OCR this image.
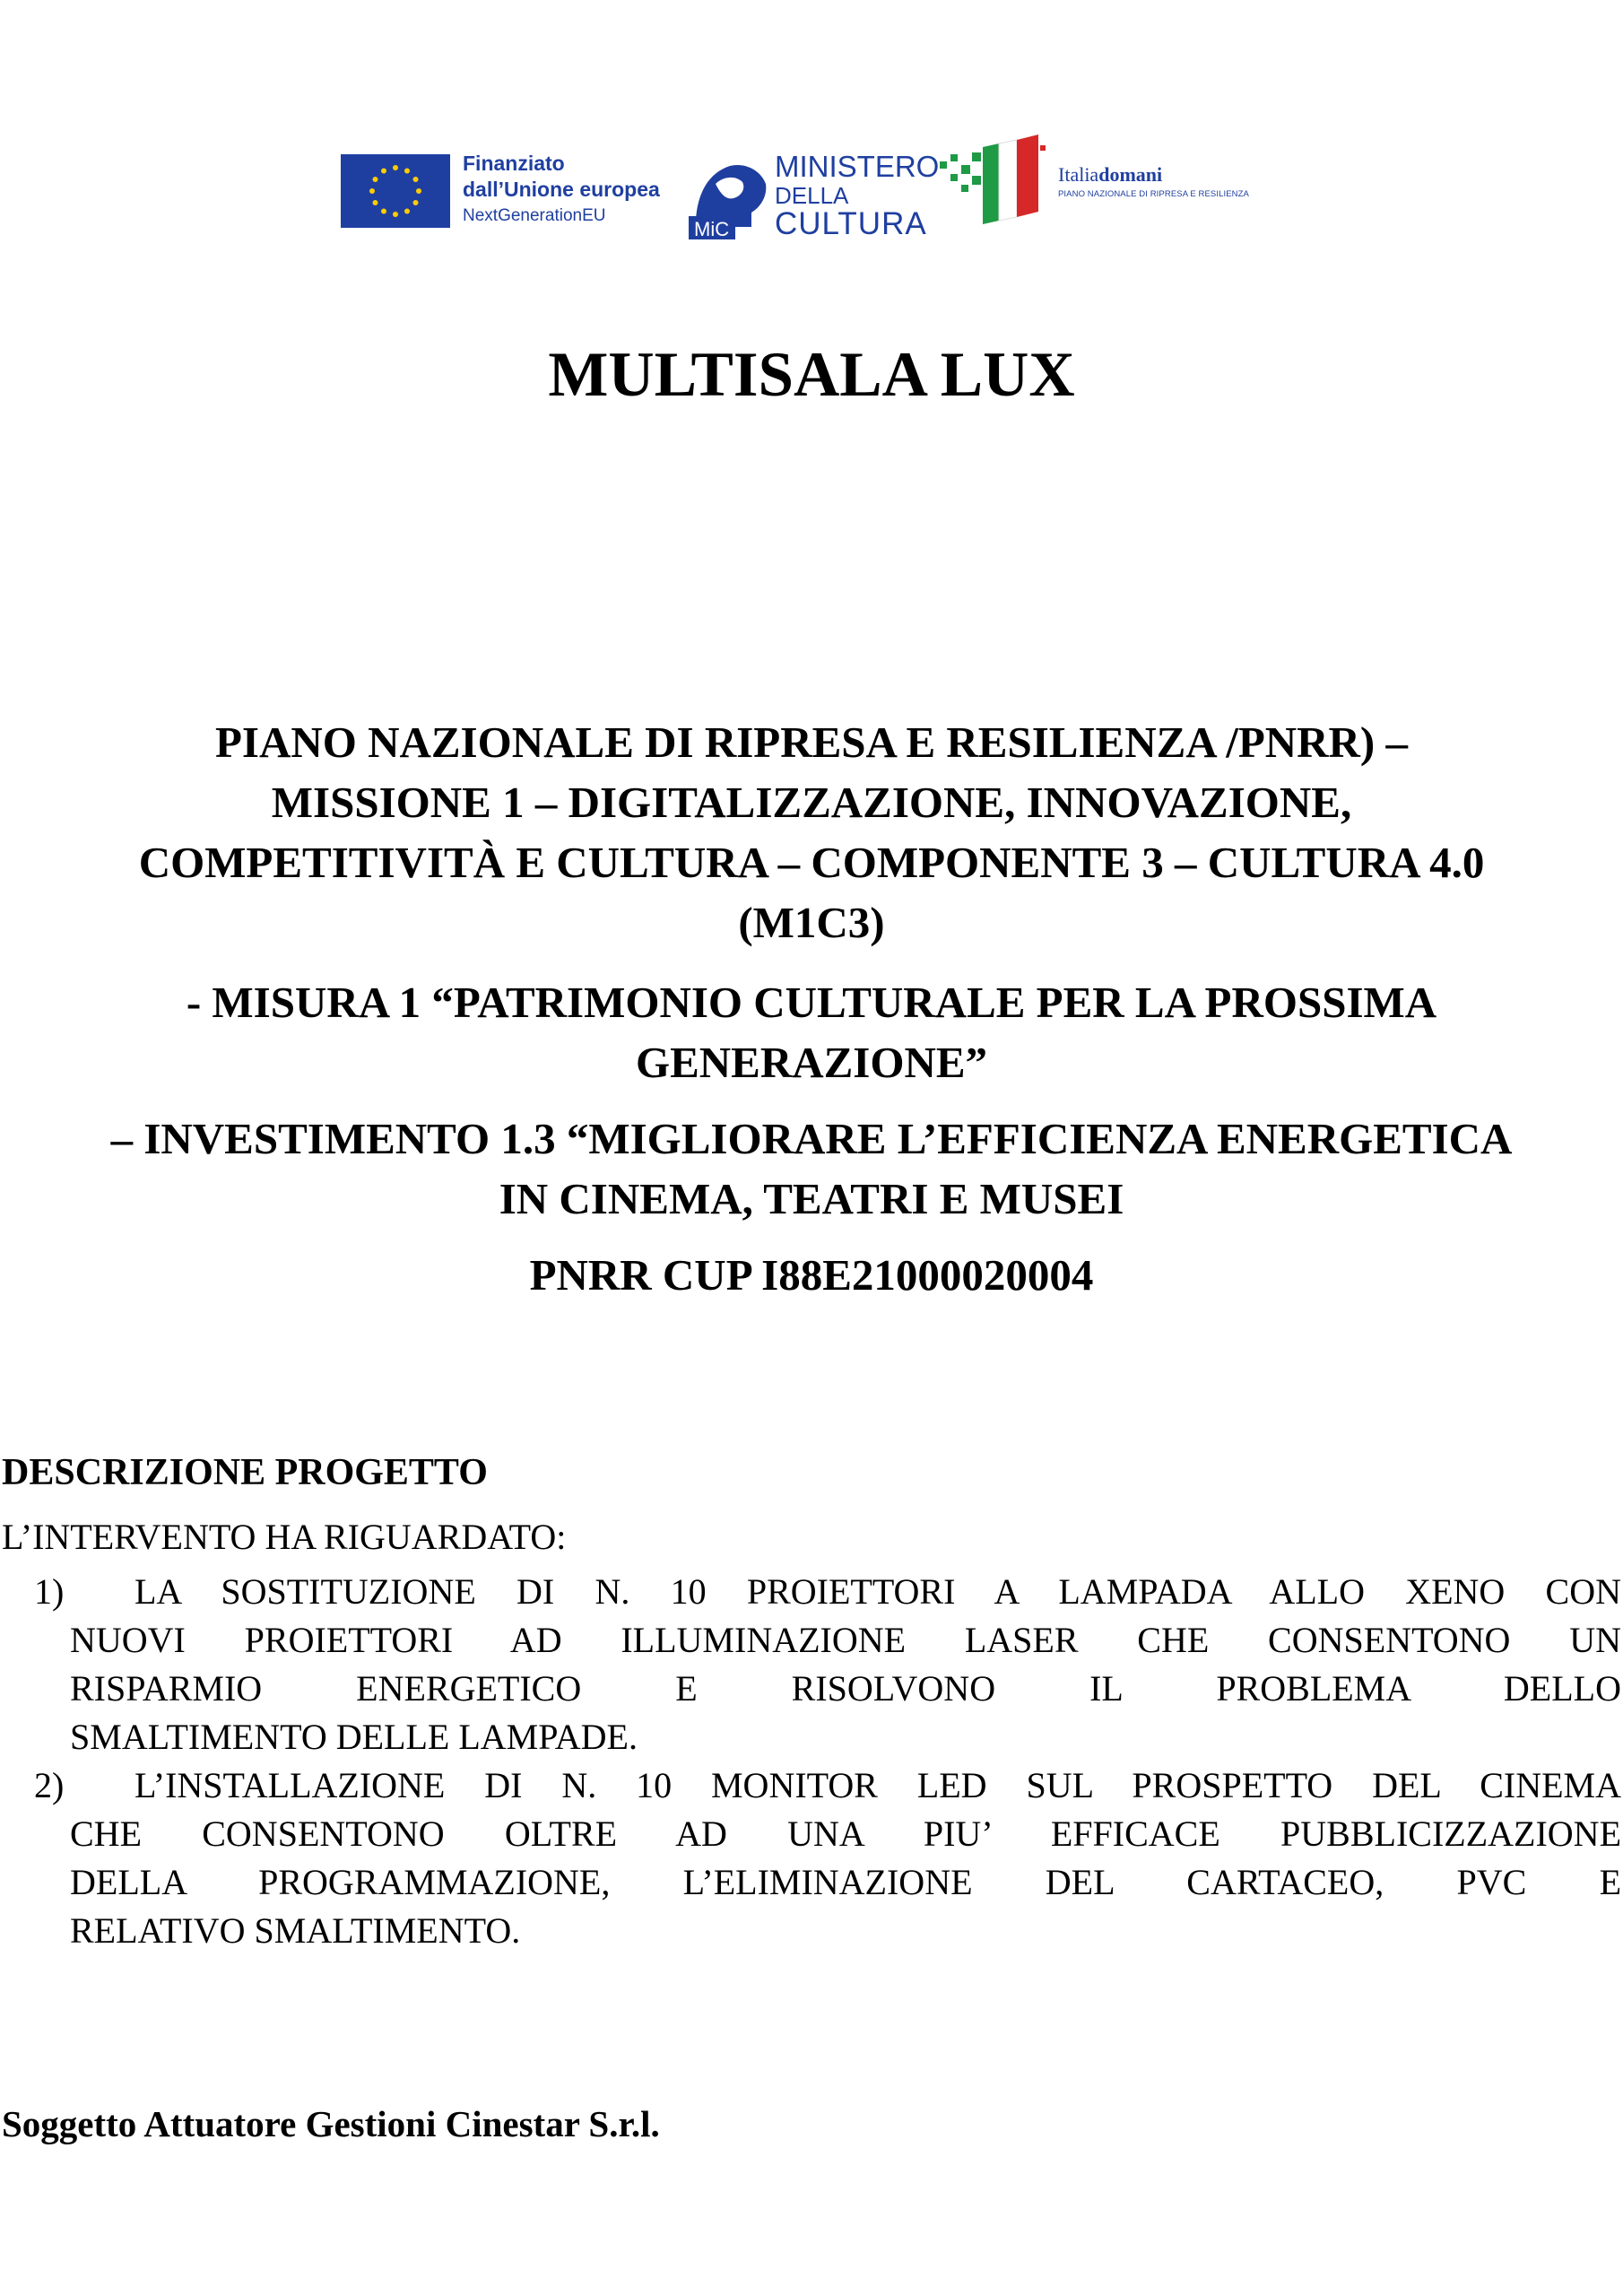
Finanziato
dall’Unione europea
NextGenerationEU
MiC
MINISTERO
DELLA
CULTURA
Italiadomani
PIANO NAZIONALE DI RIPRESA E RESILIENZA
MULTISALA LUX
PIANO NAZIONALE DI RIPRESA E RESILIENZA /PNRR) –
MISSIONE 1 – DIGITALIZZAZIONE, INNOVAZIONE,
COMPETITIVITÀ E CULTURA – COMPONENTE 3 – CULTURA 4.0
(M1C3)
- MISURA 1 “PATRIMONIO CULTURALE PER LA PROSSIMA
GENERAZIONE”
– INVESTIMENTO 1.3 “MIGLIORARE L’EFFICIENZA ENERGETICA
IN CINEMA, TEATRI E MUSEI
PNRR CUP I88E21000020004
DESCRIZIONE PROGETTO
L’INTERVENTO HA RIGUARDATO:
1) LA SOSTITUZIONE DI N. 10 PROIETTORI A LAMPADA ALLO XENO CON
NUOVI PROIETTORI AD ILLUMINAZIONE LASER CHE CONSENTONO UN
RISPARMIO ENERGETICO E RISOLVONO IL PROBLEMA DELLO
SMALTIMENTO DELLE LAMPADE.
2) L’INSTALLAZIONE DI N. 10 MONITOR LED SUL PROSPETTO DEL CINEMA
CHE CONSENTONO OLTRE AD UNA PIU’ EFFICACE PUBBLICIZZAZIONE
DELLA PROGRAMMAZIONE, L’ELIMINAZIONE DEL CARTACEO, PVC E
RELATIVO SMALTIMENTO.
Soggetto Attuatore Gestioni Cinestar S.r.l.
